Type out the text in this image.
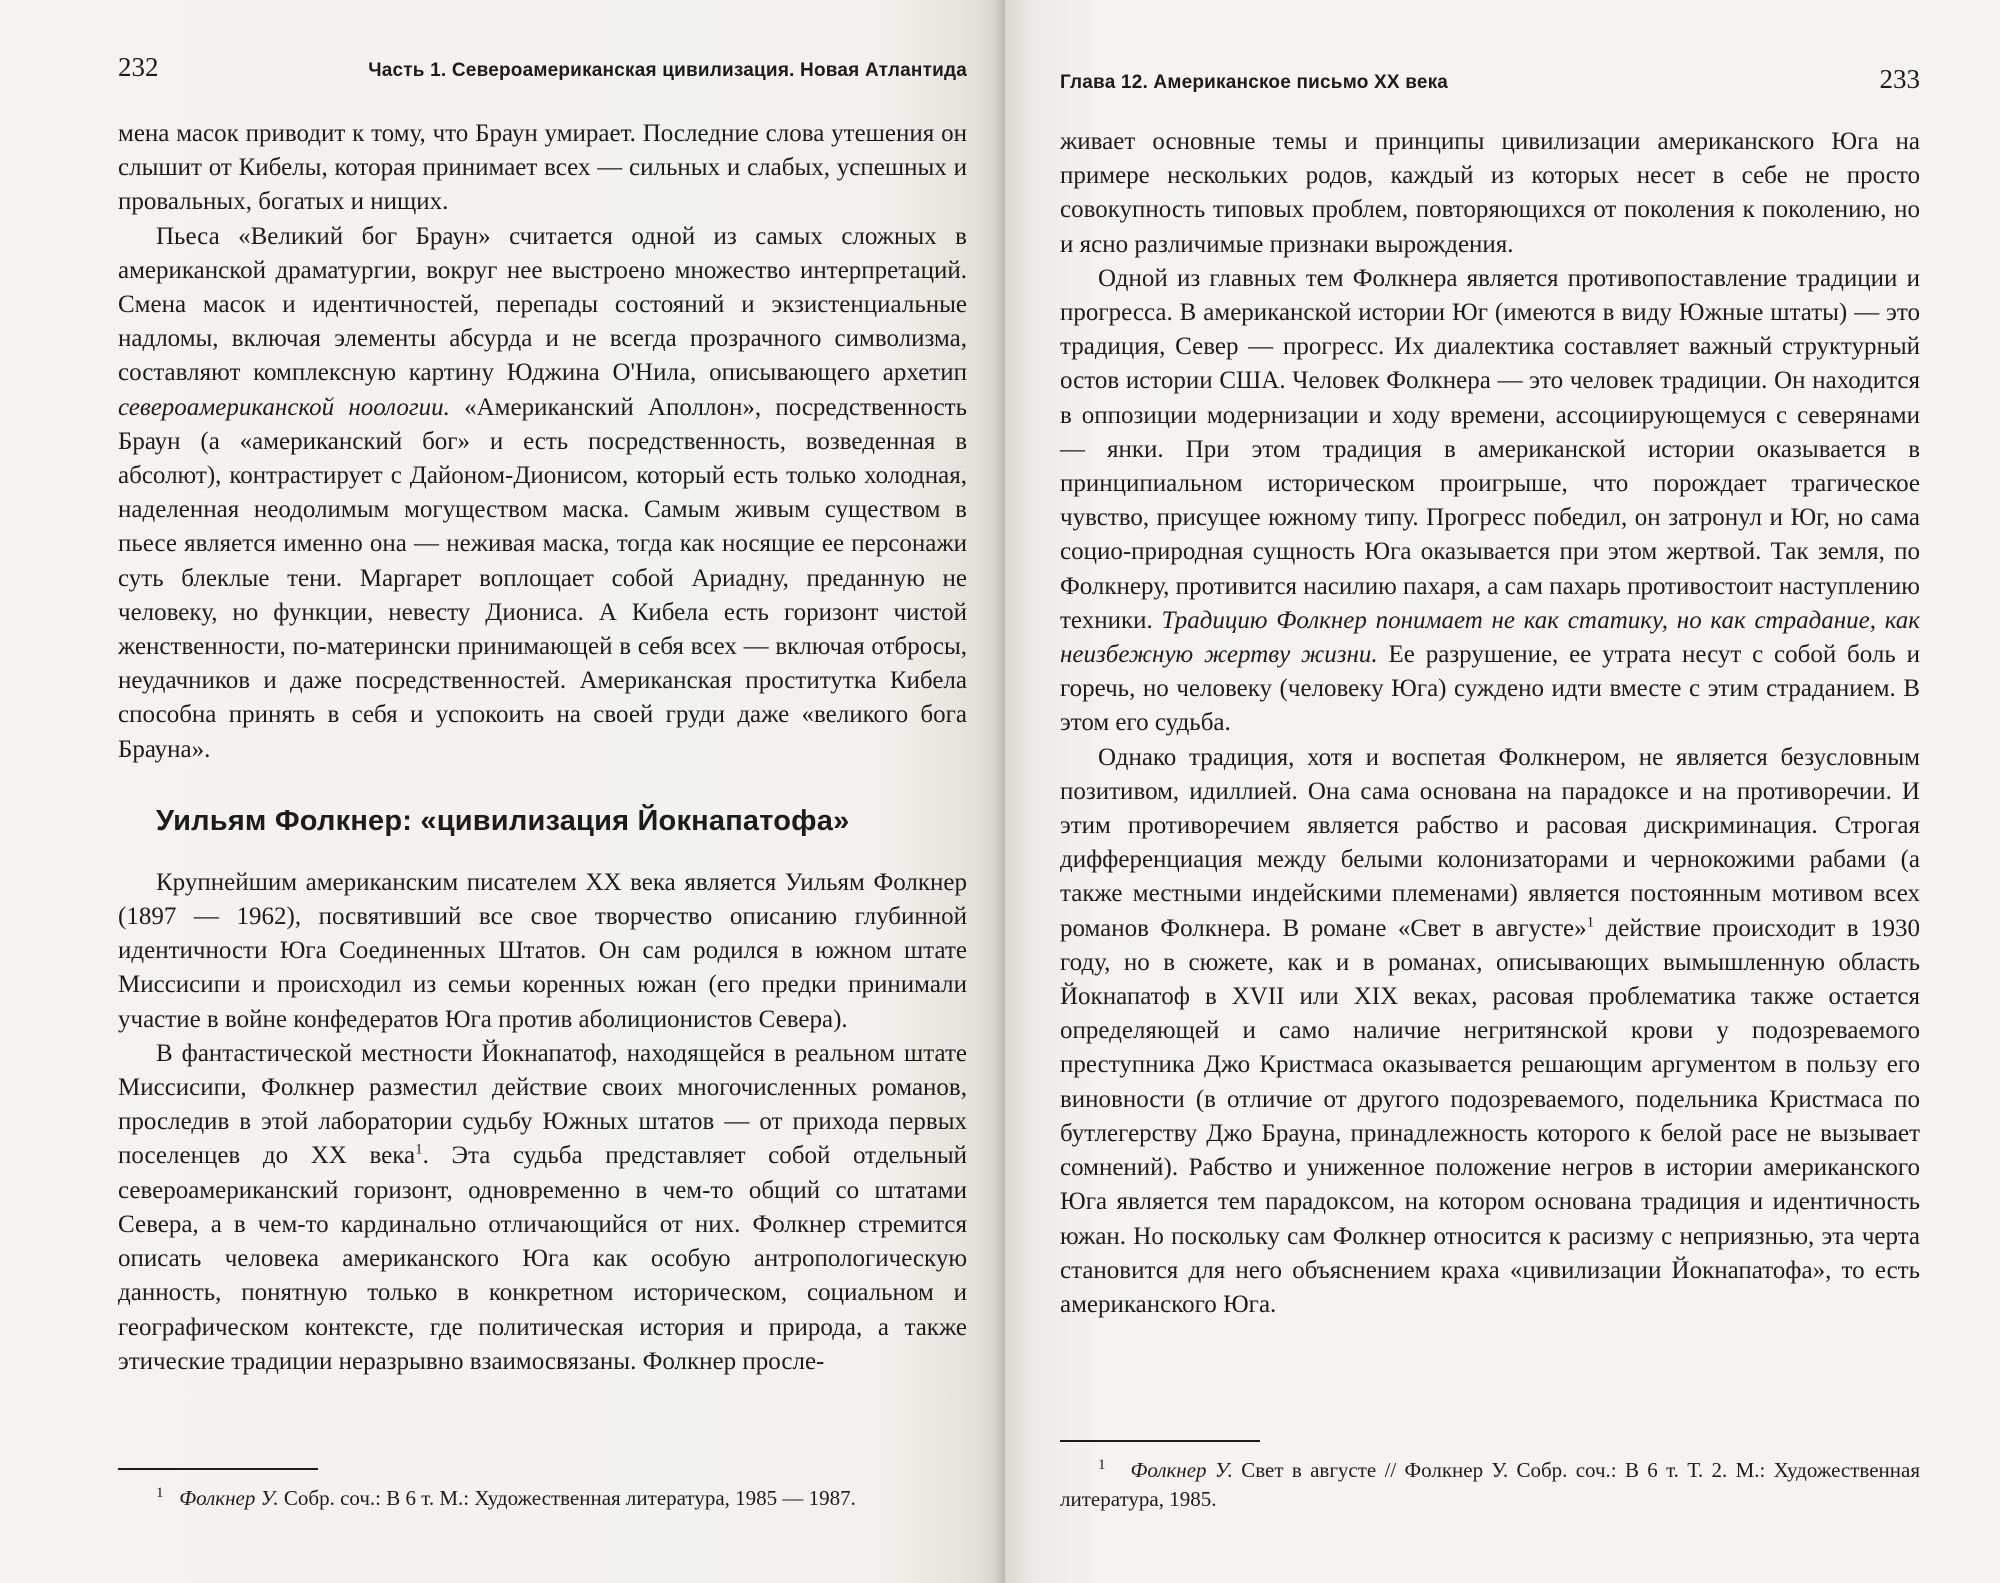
232	Часть 1. Североамериканская цивилизация. Новая Атлантида

мена масок приводит к тому, что Браун умирает. Последние слова утешения он слышит от Кибелы, которая принимает всех — сильных и слабых, успешных и провальных, богатых и нищих.

Пьеса «Великий бог Браун» считается одной из самых сложных в американской драматургии, вокруг нее выстроено множество интерпретаций. Смена масок и идентичностей, перепады состояний и экзистенциальные надломы, включая элементы абсурда и не всегда прозрачного символизма, составляют комплексную картину Юджина О'Нила, описывающего архетип североамериканской ноологии. «Американский Аполлон», посредственность Браун (а «американский бог» и есть посредственность, возведенная в абсолют), контрастирует с Дайоном-Дионисом, который есть только холодная, наделенная неодолимым могуществом маска. Самым живым существом в пьесе является именно она — неживая маска, тогда как носящие ее персонажи суть блеклые тени. Маргарет воплощает собой Ариадну, преданную не человеку, но функции, невесту Диониса. А Кибела есть горизонт чистой женственности, по-матерински принимающей в себя всех — включая отбросы, неудачников и даже посредственностей. Американская проститутка Кибела способна принять в себя и успокоить на своей груди даже «великого бога Брауна».

Уильям Фолкнер: «цивилизация Йокнапатофа»

Крупнейшим американским писателем XX века является Уильям Фолкнер (1897 — 1962), посвятивший все свое творчество описанию глубинной идентичности Юга Соединенных Штатов. Он сам родился в южном штате Миссисипи и происходил из семьи коренных южан (его предки принимали участие в войне конфедератов Юга против аболиционистов Севера).

В фантастической местности Йокнапатоф, находящейся в реальном штате Миссисипи, Фолкнер разместил действие своих многочисленных романов, проследив в этой лаборатории судьбу Южных штатов — от прихода первых поселенцев до XX века$^1$. Эта судьба представляет собой отдельный североамериканский горизонт, одновременно в чем-то общий со штатами Севера, а в чем-то кардинально отличающийся от них. Фолкнер стремится описать человека американского Юга как особую антропологическую данность, понятную только в конкретном историческом, социальном и географическом контексте, где политическая история и природа, а также этические традиции неразрывно взаимосвязаны. Фолкнер просле-

$^1$ Фолкнер У. Собр. соч.: В 6 т. М.: Художественная литература, 1985 — 1987.

Глава 12. Американское письмо XX века	233

живает основные темы и принципы цивилизации американского Юга на примере нескольких родов, каждый из которых несет в себе не просто совокупность типовых проблем, повторяющихся от поколения к поколению, но и ясно различимые признаки вырождения.

Одной из главных тем Фолкнера является противопоставление традиции и прогресса. В американской истории Юг (имеются в виду Южные штаты) — это традиция, Север — прогресс. Их диалектика составляет важный структурный остов истории США. Человек Фолкнера — это человек традиции. Он находится в оппозиции модернизации и ходу времени, ассоциирующемуся с северянами — янки. При этом традиция в американской истории оказывается в принципиальном историческом проигрыше, что порождает трагическое чувство, присущее южному типу. Прогресс победил, он затронул и Юг, но сама социо-природная сущность Юга оказывается при этом жертвой. Так земля, по Фолкнеру, противится насилию пахаря, а сам пахарь противостоит наступлению техники. Традицию Фолкнер понимает не как статику, но как страдание, как неизбежную жертву жизни. Ее разрушение, ее утрата несут с собой боль и горечь, но человеку (человеку Юга) суждено идти вместе с этим страданием. В этом его судьба.

Однако традиция, хотя и воспетая Фолкнером, не является безусловным позитивом, идиллией. Она сама основана на парадоксе и на противоречии. И этим противоречием является рабство и расовая дискриминация. Строгая дифференциация между белыми колонизаторами и чернокожими рабами (а также местными индейскими племенами) является постоянным мотивом всех романов Фолкнера. В романе «Свет в августе»$^1$ действие происходит в 1930 году, но в сюжете, как и в романах, описывающих вымышленную область Йокнапатоф в XVII или XIX веках, расовая проблематика также остается определяющей и само наличие негритянской крови у подозреваемого преступника Джо Кристмаса оказывается решающим аргументом в пользу его виновности (в отличие от другого подозреваемого, подельника Кристмаса по бутлегерству Джо Брауна, принадлежность которого к белой расе не вызывает сомнений). Рабство и униженное положение негров в истории американского Юга является тем парадоксом, на котором основана традиция и идентичность южан. Но поскольку сам Фолкнер относится к расизму с неприязнью, эта черта становится для него объяснением краха «цивилизации Йокнапатофа», то есть американского Юга.

$^1$ Фолкнер У. Свет в августе // Фолкнер У. Собр. соч.: В 6 т. Т. 2. М.: Художественная литература, 1985.
